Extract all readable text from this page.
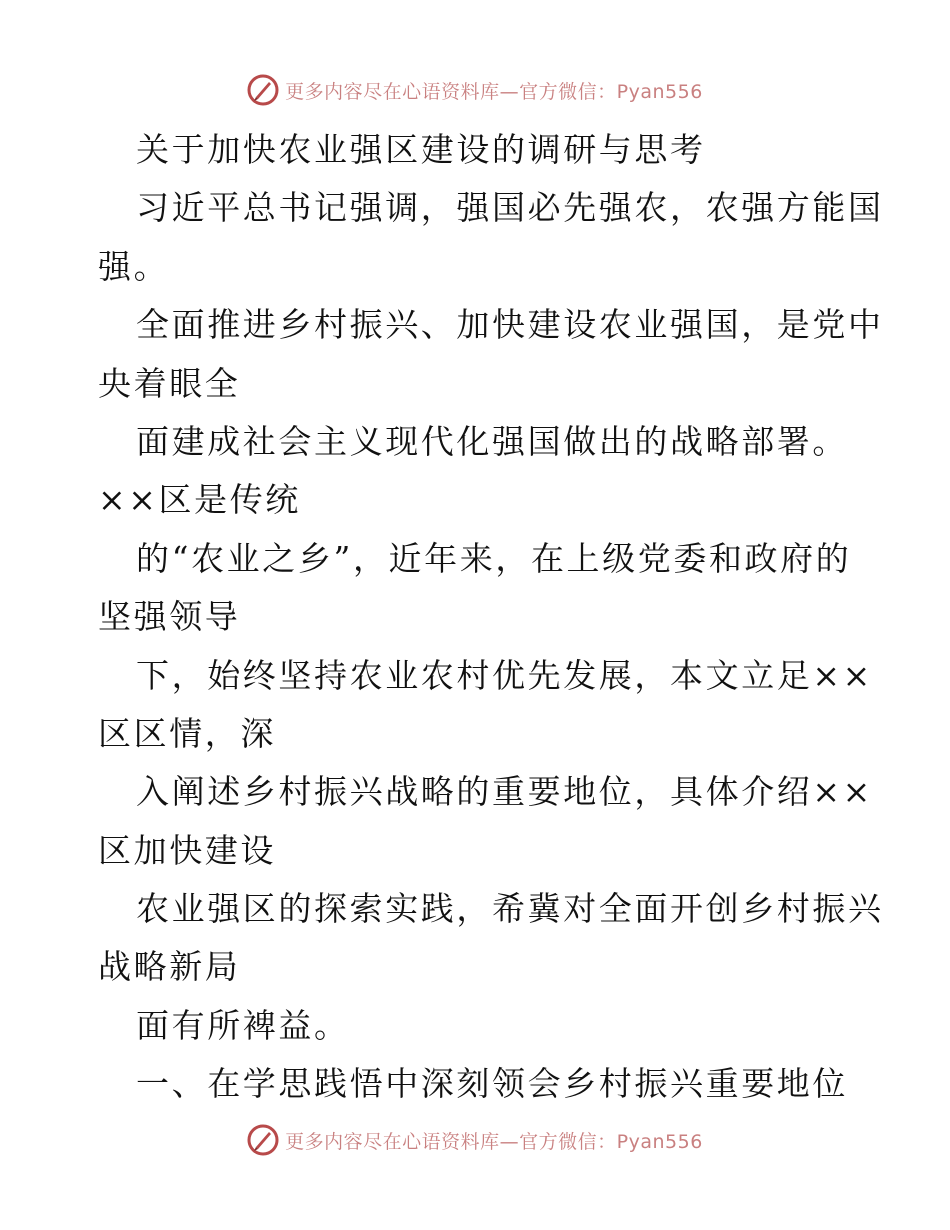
更多内容尽在心语资料库—官方微信：Pyan556
关于加快农业强区建设的调研与思考
习近平总书记强调，强国必先强农，农强方能国
强。
全面推进乡村振兴、加快建设农业强国，是党中
央着眼全
面建成社会主义现代化强国做出的战略部署。
××区是传统
的“农业之乡”，近年来，在上级党委和政府的
坚强领导
下，始终坚持农业农村优先发展，本文立足××
区区情，深
入阐述乡村振兴战略的重要地位，具体介绍××
区加快建设
农业强区的探索实践，希冀对全面开创乡村振兴
战略新局
面有所裨益。
一、在学思践悟中深刻领会乡村振兴重要地位
更多内容尽在心语资料库—官方微信：Pyan556
